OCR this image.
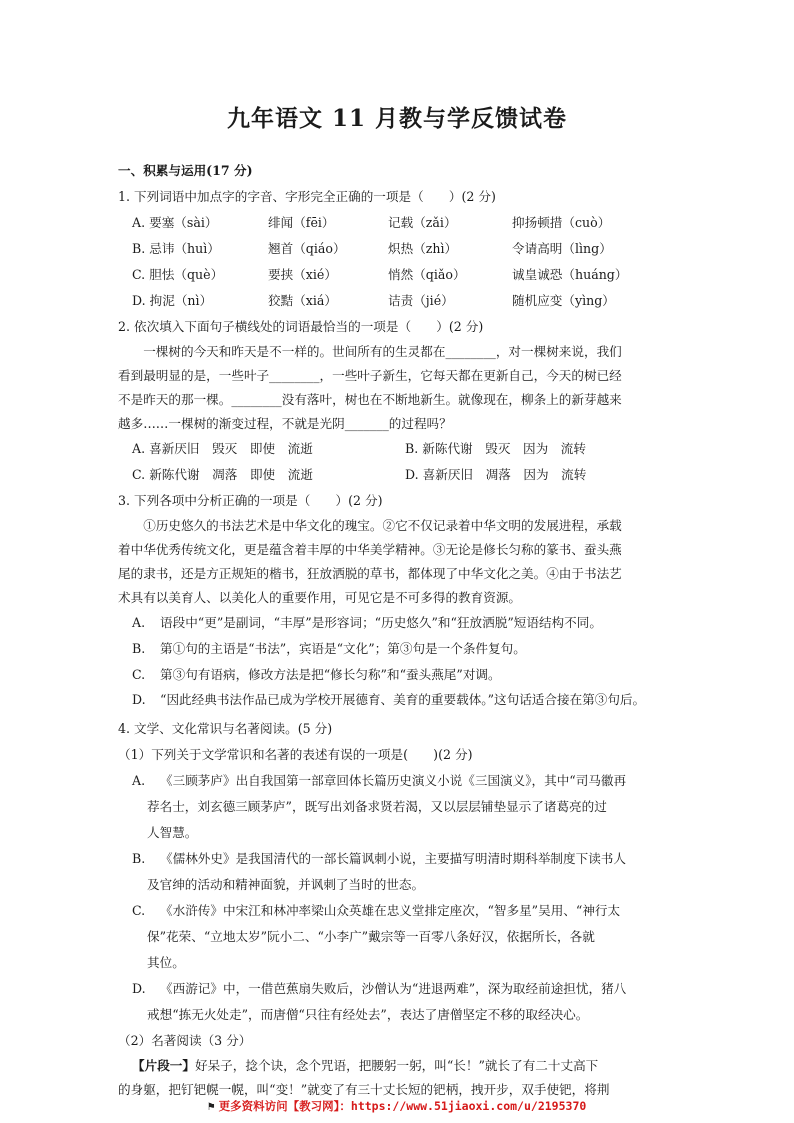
九年语文 11 月教与学反馈试卷
一、积累与运用(17 分)
1. 下列词语中加点字的字音、字形完全正确的一项是（　　）(2 分)
A. 要塞（sài）	绯闻（fēi）	记载（zǎi）	抑扬顿措（cuò）
B. 忌讳（huì）	翘首（qiáo）	炽热（zhì）	令请高明（lìng）
C. 胆怯（què）	要挟（xié）	悄然（qiǎo）	诚皇诚恐（huáng）
D. 拘泥（nì）	狡黠（xiá）	诘责（jié）	随机应变（yìng）
2. 依次填入下面句子横线处的词语最恰当的一项是（　　）(2 分)
一棵树的今天和昨天是不一样的。世间所有的生灵都在________，对一棵树来说，我们
看到最明显的是，一些叶子________，一些叶子新生，它每天都在更新自己，今天的树已经
不是昨天的那一棵。________没有落叶，树也在不断地新生。就像现在，柳条上的新芽越来
越多……一棵树的渐变过程，不就是光阴_______的过程吗？
A. 喜新厌旧　毁灭　即使　流逝	B. 新陈代谢　毁灭　因为　流转
C. 新陈代谢　凋落　即使　流逝	D. 喜新厌旧　凋落　因为　流转
3. 下列各项中分析正确的一项是（　　）(2 分)
①历史悠久的书法艺术是中华文化的瑰宝。②它不仅记录着中华文明的发展进程，承载
着中华优秀传统文化，更是蕴含着丰厚的中华美学精神。③无论是修长匀称的篆书、蚕头燕
尾的隶书，还是方正规矩的楷书，狂放洒脱的草书，都体现了中华文化之美。④由于书法艺
术具有以美育人、以美化人的重要作用，可见它是不可多得的教育资源。
A.	语段中“更”是副词，“丰厚”是形容词；“历史悠久”和“狂放洒脱”短语结构不同。
B.	第①句的主语是“书法”，宾语是“文化”；第③句是一个条件复句。
C.	第③句有语病，修改方法是把“修长匀称”和“蚕头燕尾”对调。
D.	“因此经典书法作品已成为学校开展德育、美育的重要载体。”这句话适合接在第③句后。
4. 文学、文化常识与名著阅读。(5 分)
（1）下列关于文学常识和名著的表述有误的一项是(　　)(2 分)
A.	《三顾茅庐》出自我国第一部章回体长篇历史演义小说《三国演义》，其中“司马徽再
荐名士，刘玄德三顾茅庐”，既写出刘备求贤若渴，又以层层铺垫显示了诸葛亮的过
人智慧。
B.	《儒林外史》是我国清代的一部长篇讽刺小说，主要描写明清时期科举制度下读书人
及官绅的活动和精神面貌，并讽刺了当时的世态。
C.	《水浒传》中宋江和林冲率梁山众英雄在忠义堂排定座次，“智多星”吴用、“神行太
保”花荣、“立地太岁”阮小二、“小李广”戴宗等一百零八条好汉，依据所长，各就
其位。
D.	《西游记》中，一借芭蕉扇失败后，沙僧认为“进退两难”，深为取经前途担忧，猪八
戒想“拣无火处走”，而唐僧“只往有经处去”，表达了唐僧坚定不移的取经决心。
（2）名著阅读（3 分）
【片段一】好呆子，捻个诀，念个咒语，把腰躬一躬，叫“长！”就长了有二十丈高下
的身躯，把钉钯幌一幌，叫“变！”就变了有三十丈长短的钯柄，拽开步，双手使钯，将荆
⚑ 更多资料访问【教习网】：https://www.51jiaoxi.com/u/2195370
